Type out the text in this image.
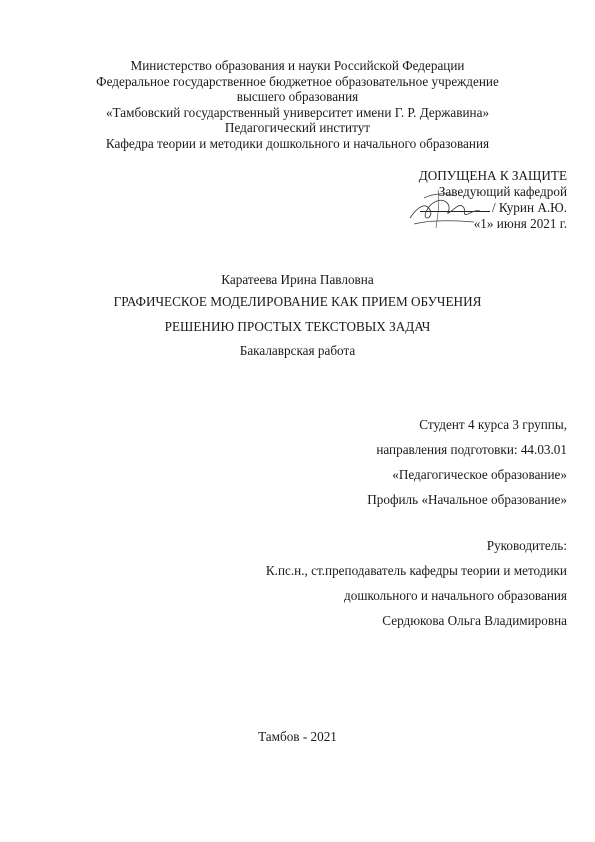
Министерство образования и науки Российской Федерации
Федеральное государственное бюджетное образовательное учреждение
высшего образования
«Тамбовский государственный университет имени Г. Р. Державина»
Педагогический институт
Кафедра теории и методики дошкольного и начального образования
ДОПУЩЕНА К ЗАЩИТЕ
Заведующий кафедрой
/ Курин А.Ю.
«1» июня 2021 г.
Каратеева Ирина Павловна
ГРАФИЧЕСКОЕ МОДЕЛИРОВАНИЕ КАК ПРИЕМ ОБУЧЕНИЯ
РЕШЕНИЮ ПРОСТЫХ ТЕКСТОВЫХ ЗАДАЧ
Бакалаврская работа
Студент 4 курса 3 группы,
направления подготовки: 44.03.01
«Педагогическое образование»
Профиль «Начальное образование»
Руководитель:
К.пс.н., ст.преподаватель кафедры теории и методики
дошкольного и начального образования
Сердюкова Ольга Владимировна
Тамбов - 2021
